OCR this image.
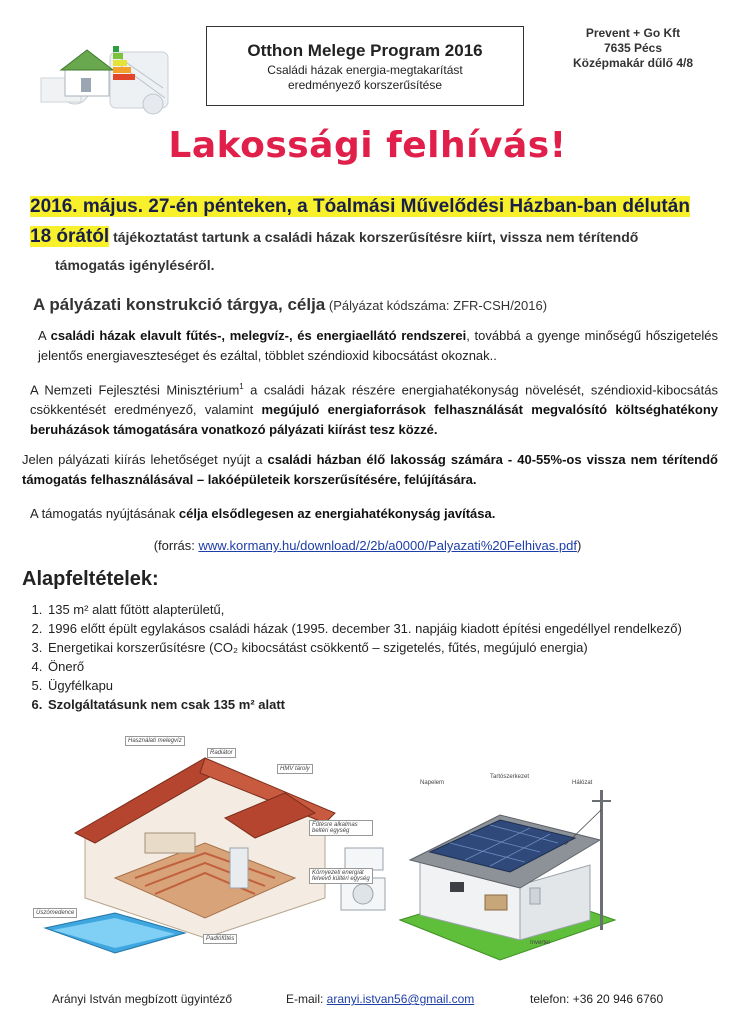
Otthon Melege Program 2016
Családi házak energia-megtakarítást
eredményező korszerűsítése
Prevent + Go Kft
7635 Pécs
Középmakár dűlő 4/8
Lakossági felhívás!
2016. május. 27-én pénteken, a Tóalmási Művelődési Házban-ban délután
18 órától tájékoztatást tartunk a családi házak korszerűsítésre kiírt, vissza nem térítendő
támogatás igényléséről.
A pályázati konstrukció tárgya, célja (Pályázat kódszáma: ZFR-CSH/2016)
A családi házak elavult fűtés-, melegvíz-, és energiaellátó rendszerei, továbbá a gyenge minőségű hőszigetelés jelentős energiaveszteséget és ezáltal, többlet széndioxid kibocsátást okoznak..
A Nemzeti Fejlesztési Minisztérium$^1$ a családi házak részére energiahatékonyság növelését, széndioxid-kibocsátás csökkentését eredményező, valamint megújuló energiaforrások felhasználását megvalósító költséghatékony beruházások támogatására vonatkozó pályázati kiírást tesz közzé.
Jelen pályázati kiírás lehetőséget nyújt a családi házban élő lakosság számára - 40-55%-os vissza nem térítendő támogatás felhasználásával – lakóépületeik korszerűsítésére, felújítására.
A támogatás nyújtásának célja elsődlegesen az energiahatékonyság javítása.
(forrás: www.kormany.hu/download/2/2b/a0000/Palyazati%20Felhivas.pdf)
Alapfeltételek:
1. 135 m² alatt fűtött alapterületű,
2. 1996 előtt épült egylakásos családi házak (1995. december 31. napjáig kiadott építési engedéllyel rendelkező)
3. Energetikai korszerűsítésre (CO₂ kibocsátást csökkentő – szigetelés, fűtés, megújuló energia)
4. Önerő
5. Ügyfélkapu
6. Szolgáltatásunk nem csak 135 m² alatt
Használati melegvíz
Radiátor
HMV tároly
Fűtésre alkalmas beltéri egység
Környezeti energiát felvevő kültéri egység
Úszómedence
Padlófűtés
Napelem
Tartószerkezet
Hálózat
Inverter
Arányi István megbízott ügyintéző	E-mail: aranyi.istvan56@gmail.com	telefon: +36 20 946 6760
